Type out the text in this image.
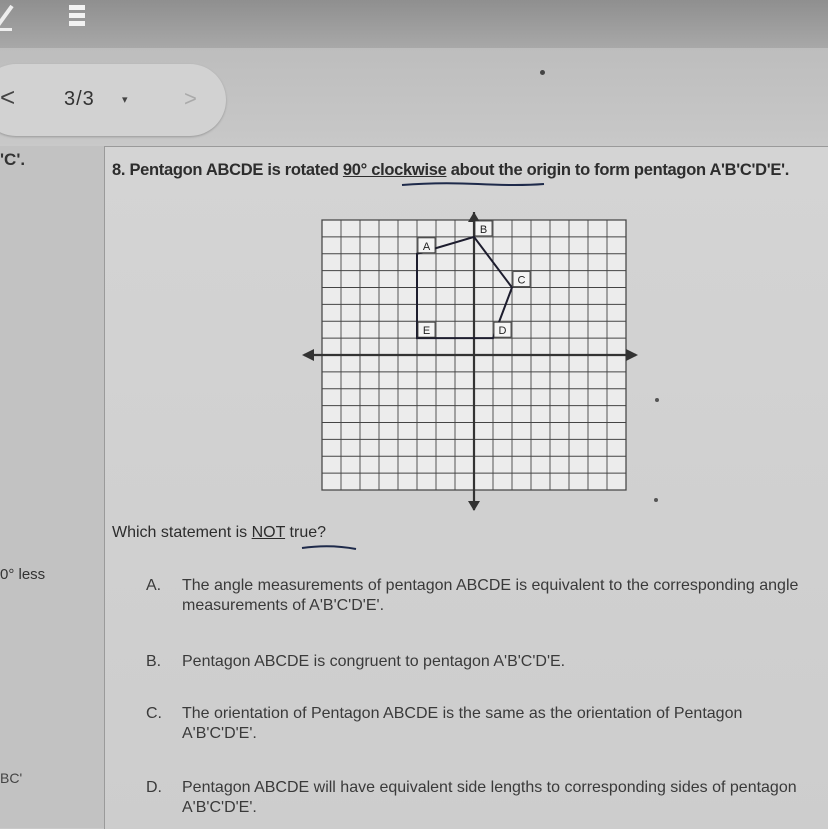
< 3/3 ▾	>
'C'.
0° less
BC'
8. Pentagon ABCDE is rotated 90° clockwise about the origin to form pentagon A'B'C'D'E'.
A
B
C
D
E
Which statement is NOT true?
A. The angle measurements of pentagon ABCDE is equivalent to the corresponding angle measurements of A'B'C'D'E'.
B. Pentagon ABCDE is congruent to pentagon A'B'C'D'E.
C. The orientation of Pentagon ABCDE is the same as the orientation of Pentagon A'B'C'D'E'.
D. Pentagon ABCDE will have equivalent side lengths to corresponding sides of pentagon A'B'C'D'E'.
